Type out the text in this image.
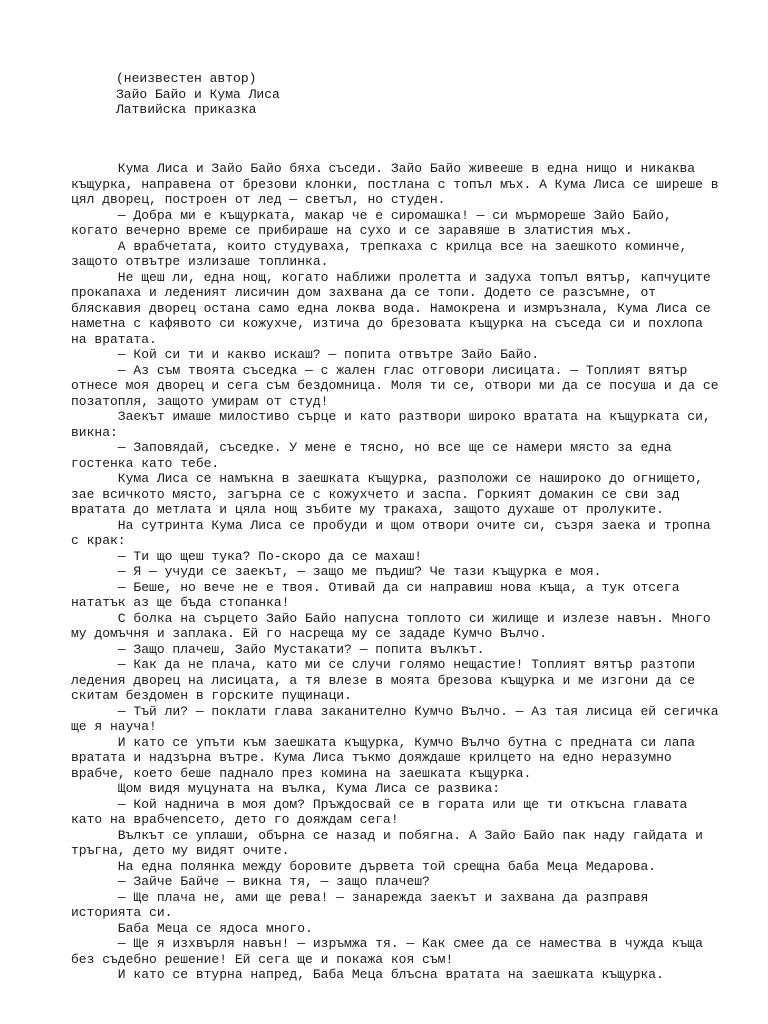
(неизвестен автор)
Зайо Байо и Кума Лиса
Латвийска приказка
Кума Лиса и Зайо Байо бяха съседи. Зайо Байо живееше в една нищо и никаква
къщурка, направена от брезови клонки, постлана с топъл мъх. А Кума Лиса се ширеше в
цял дворец, построен от лед — светъл, но студен.
— Добра ми е къщурката, макар че е сиромашка! — си мърмореше Зайо Байо,
когато вечерно време се прибираше на сухо и се заравяше в златистия мъх.
А врабчетата, които студуваха, трепкаха с крилца все на заешкото коминче,
защото отвътре излизаше топлинка.
Не щеш ли, една нощ, когато наближи пролетта и задуха топъл вятър, капчуците
прокапаха и леденият лисичин дом захвана да се топи. Додето се разсъмне, от
бляскавия дворец остана само една локва вода. Намокрена и измръзнала, Кума Лиса се
наметна с кафявото си кожухче, изтича до брезовата къщурка на съседа си и похлопа
на вратата.
— Кой си ти и какво искаш? — попита отвътре Зайо Байо.
— Аз съм твоята съседка — с жален глас отговори лисицата. — Топлият вятър
отнесе моя дворец и сега съм бездомница. Моля ти се, отвори ми да се посуша и да се
позатопля, защото умирам от студ!
Заекът имаше милостиво сърце и като разтвори широко вратата на къщурката си,
викна:
— Заповядай, съседке. У мене е тясно, но все ще се намери място за една
гостенка като тебе.
Кума Лиса се намъкна в заешката къщурка, разположи се нашироко до огнището,
зае всичкото място, загърна се с кожухчето и заспа. Горкият домакин се сви зад
вратата до метлата и цяла нощ зъбите му тракаха, защото духаше от пролуките.
На сутринта Кума Лиса се пробуди и щом отвори очите си, съзря заека и тропна
с крак:
— Ти що щеш тука? По-скоро да се махаш!
— Я — учуди се заекът, — защо ме пъдиш? Че тази къщурка е моя.
— Беше, но вече не е твоя. Отивай да си направиш нова къща, а тук отсега
нататък аз ще бъда стопанка!
С болка на сърцето Зайо Байо напусна топлото си жилище и излезе навън. Много
му домъчня и заплака. Ей го насреща му се зададе Кумчо Вълчо.
— Защо плачеш, Зайо Мустакати? — попита вълкът.
— Как да не плача, като ми се случи голямо нещастие! Топлият вятър разтопи
ледения дворец на лисицата, а тя влезе в моята брезова къщурка и ме изгони да се
скитам бездомен в горските пущинаци.
— Тъй ли? — поклати глава заканително Кумчо Вълчо. — Аз тая лисица ей сегичка
ще я науча!
И като се упъти към заешката къщурка, Кумчо Вълчо бутна с предната си лапа
вратата и надзърна вътре. Кума Лиса тъкмо дояждаше крилцето на едно неразумно
врабче, което беше паднало през комина на заешката къщурка.
Щом видя муцуната на вълка, Кума Лиса се развика:
— Кой наднича в моя дом? Пръждосвай се в гората или ще ти откъсна главата
като на врабчencето, дето го дояждам сега!
Вълкът се уплаши, обърна се назад и побягна. А Зайо Байо пак наду гайдата и
тръгна, дето му видят очите.
На една полянка между боровите дървета той срещна баба Меца Медарова.
— Зайче Байче — викна тя, — защо плачеш?
— Ще плача не, ами ще рева! — занарежда заекът и захвана да разправя
историята си.
Баба Меца се ядоса много.
— Ще я изхвърля навън! — изръмжа тя. — Как смее да се намества в чужда къща
без съдебно решение! Ей сега ще и покажа коя съм!
И като се втурна напред, Баба Меца блъсна вратата на заешката къщурка.
